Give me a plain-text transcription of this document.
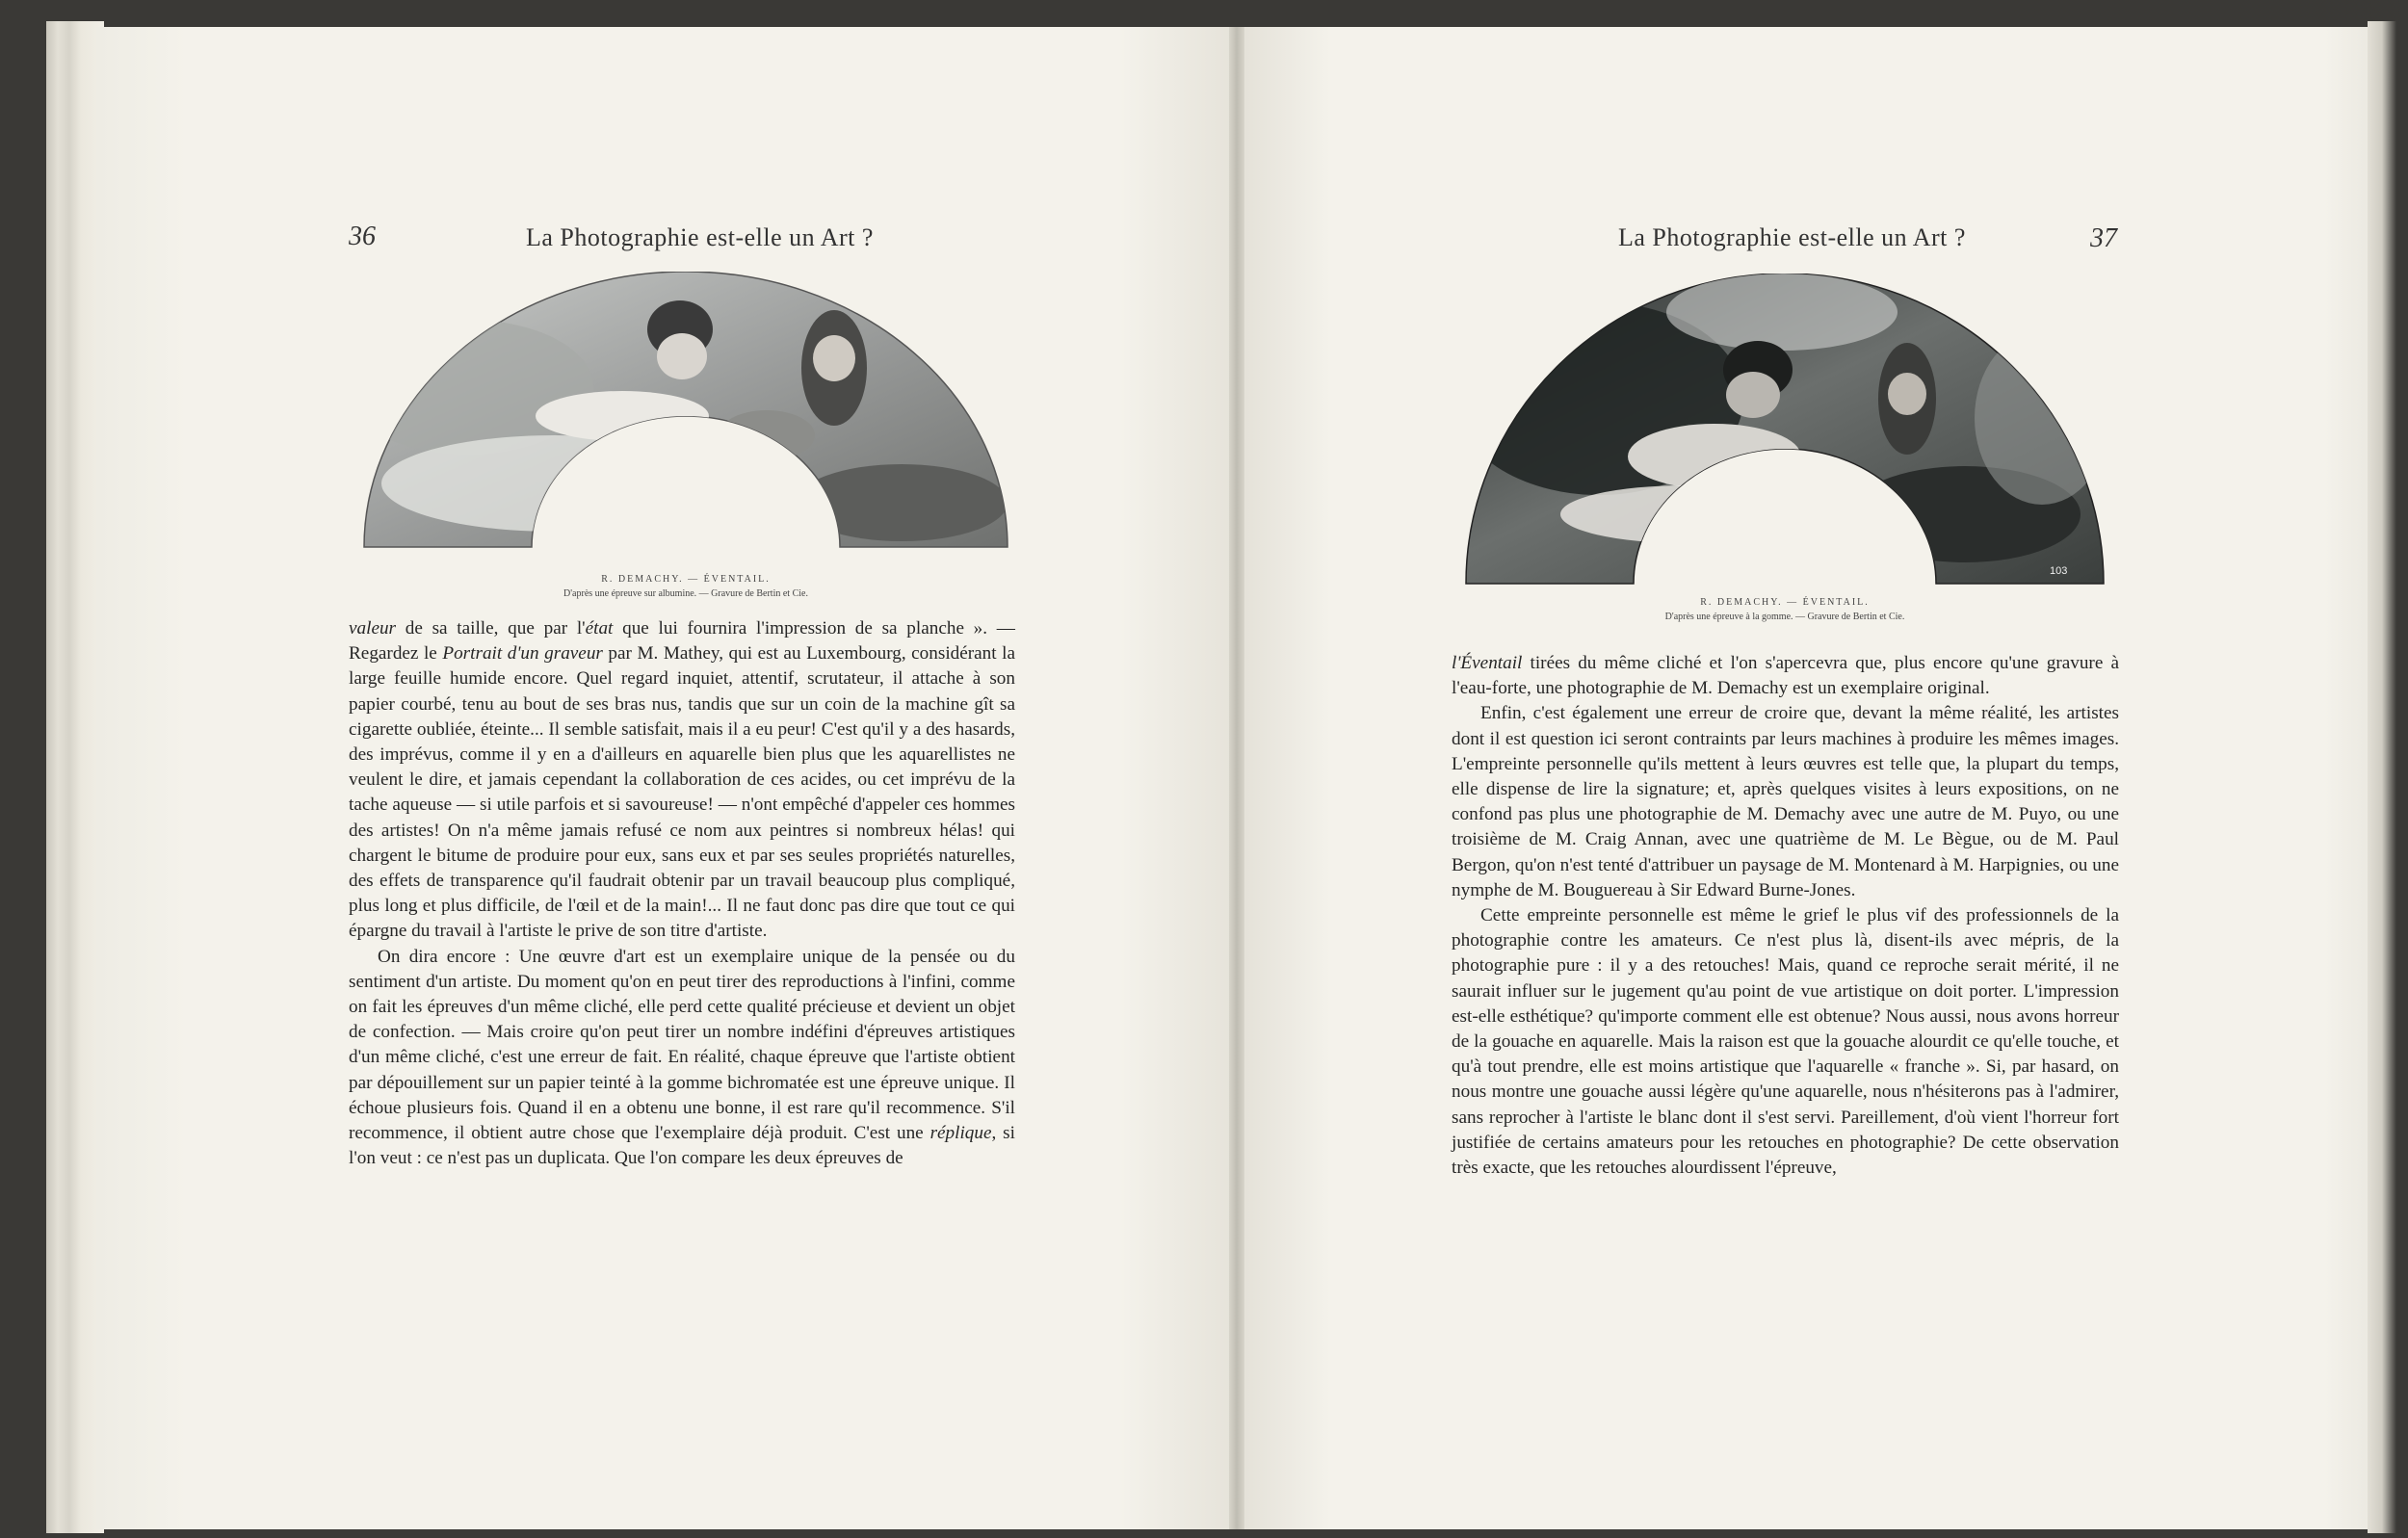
36	La Photographie est-elle un Art ?
R. DEMACHY. — ÉVENTAIL.
D'après une épreuve sur albumine. — Gravure de Bertin et Cie.

valeur de sa taille, que par l'état que lui fournira l'impression de sa planche ». — Regardez le Portrait d'un graveur par M. Mathey, qui est au Luxembourg, considérant la large feuille humide encore. Quel regard inquiet, attentif, scrutateur, il attache à son papier courbé, tenu au bout de ses bras nus, tandis que sur un coin de la machine gît sa cigarette oubliée, éteinte... Il semble satisfait, mais il a eu peur! C'est qu'il y a des hasards, des imprévus, comme il y en a d'ailleurs en aquarelle bien plus que les aquarellistes ne veulent le dire, et jamais cependant la collaboration de ces acides, ou cet imprévu de la tache aqueuse — si utile parfois et si savoureuse! — n'ont empêché d'appeler ces hommes des artistes! On n'a même jamais refusé ce nom aux peintres si nombreux hélas! qui chargent le bitume de produire pour eux, sans eux et par ses seules propriétés naturelles, des effets de transparence qu'il faudrait obtenir par un travail beaucoup plus compliqué, plus long et plus difficile, de l'œil et de la main!... Il ne faut donc pas dire que tout ce qui épargne du travail à l'artiste le prive de son titre d'artiste.

On dira encore : Une œuvre d'art est un exemplaire unique de la pensée ou du sentiment d'un artiste. Du moment qu'on en peut tirer des reproductions à l'infini, comme on fait les épreuves d'un même cliché, elle perd cette qualité précieuse et devient un objet de confection. — Mais croire qu'on peut tirer un nombre indéfini d'épreuves artistiques d'un même cliché, c'est une erreur de fait. En réalité, chaque épreuve que l'artiste obtient par dépouillement sur un papier teinté à la gomme bichromatée est une épreuve unique. Il échoue plusieurs fois. Quand il en a obtenu une bonne, il est rare qu'il recommence. S'il recommence, il obtient autre chose que l'exemplaire déjà produit. C'est une réplique, si l'on veut : ce n'est pas un duplicata. Que l'on compare les deux épreuves de

La Photographie est-elle un Art ?	37
103
R. DEMACHY. — ÉVENTAIL.
D'après une épreuve à la gomme. — Gravure de Bertin et Cie.

l'Éventail tirées du même cliché et l'on s'apercevra que, plus encore qu'une gravure à l'eau-forte, une photographie de M. Demachy est un exemplaire original.

Enfin, c'est également une erreur de croire que, devant la même réalité, les artistes dont il est question ici seront contraints par leurs machines à produire les mêmes images. L'empreinte personnelle qu'ils mettent à leurs œuvres est telle que, la plupart du temps, elle dispense de lire la signature; et, après quelques visites à leurs expositions, on ne confond pas plus une photographie de M. Demachy avec une autre de M. Puyo, ou une troisième de M. Craig Annan, avec une quatrième de M. Le Bègue, ou de M. Paul Bergon, qu'on n'est tenté d'attribuer un paysage de M. Montenard à M. Harpignies, ou une nymphe de M. Bouguereau à Sir Edward Burne-Jones.

Cette empreinte personnelle est même le grief le plus vif des professionnels de la photographie contre les amateurs. Ce n'est plus là, disent-ils avec mépris, de la photographie pure : il y a des retouches! Mais, quand ce reproche serait mérité, il ne saurait influer sur le jugement qu'au point de vue artistique on doit porter. L'impression est-elle esthétique? qu'importe comment elle est obtenue? Nous aussi, nous avons horreur de la gouache en aquarelle. Mais la raison est que la gouache alourdit ce qu'elle touche, et qu'à tout prendre, elle est moins artistique que l'aquarelle « franche ». Si, par hasard, on nous montre une gouache aussi légère qu'une aquarelle, nous n'hésiterons pas à l'admirer, sans reprocher à l'artiste le blanc dont il s'est servi. Pareillement, d'où vient l'horreur fort justifiée de certains amateurs pour les retouches en photographie? De cette observation très exacte, que les retouches alourdissent l'épreuve,
